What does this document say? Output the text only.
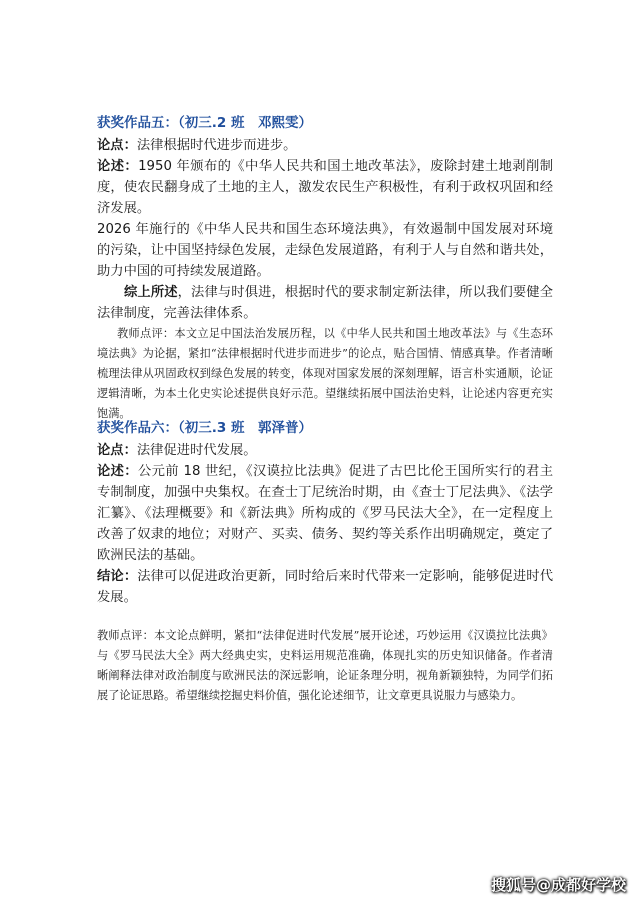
获奖作品五：（初三.2 班　邓熙雯）

论点：法律根据时代进步而进步。

论述：1950 年颁布的《中华人民共和国土地改革法》，废除封建土地剥削制度，使农民翻身成了土地的主人，激发农民生产积极性，有利于政权巩固和经济发展。

2026 年施行的《中华人民共和国生态环境法典》，有效遏制中国发展对环境的污染，让中国坚持绿色发展，走绿色发展道路，有利于人与自然和谐共处，助力中国的可持续发展道路。

综上所述，法律与时俱进，根据时代的要求制定新法律，所以我们要健全法律制度，完善法律体系。

教师点评：本文立足中国法治发展历程，以《中华人民共和国土地改革法》与《生态环境法典》为论据，紧扣“法律根据时代进步而进步”的论点，贴合国情、情感真挚。作者清晰梳理法律从巩固政权到绿色发展的转变，体现对国家发展的深刻理解，语言朴实通顺，论证逻辑清晰，为本土化史实论述提供良好示范。望继续拓展中国法治史料，让论述内容更充实饱满。

获奖作品六：（初三.3 班　郭泽普）

论点：法律促进时代发展。

论述：公元前 18 世纪，《汉谟拉比法典》促进了古巴比伦王国所实行的君主专制制度，加强中央集权。在查士丁尼统治时期，由《查士丁尼法典》、《法学汇纂》、《法理概要》和《新法典》所构成的《罗马民法大全》，在一定程度上改善了奴隶的地位；对财产、买卖、债务、契约等关系作出明确规定，奠定了欧洲民法的基础。

结论：法律可以促进政治更新，同时给后来时代带来一定影响，能够促进时代发展。

教师点评：本文论点鲜明，紧扣“法律促进时代发展”展开论述，巧妙运用《汉谟拉比法典》与《罗马民法大全》两大经典史实，史料运用规范准确，体现扎实的历史知识储备。作者清晰阐释法律对政治制度与欧洲民法的深远影响，论证条理分明，视角新颖独特，为同学们拓展了论证思路。希望继续挖掘史料价值，强化论述细节，让文章更具说服力与感染力。

搜狐号@成都好学校
